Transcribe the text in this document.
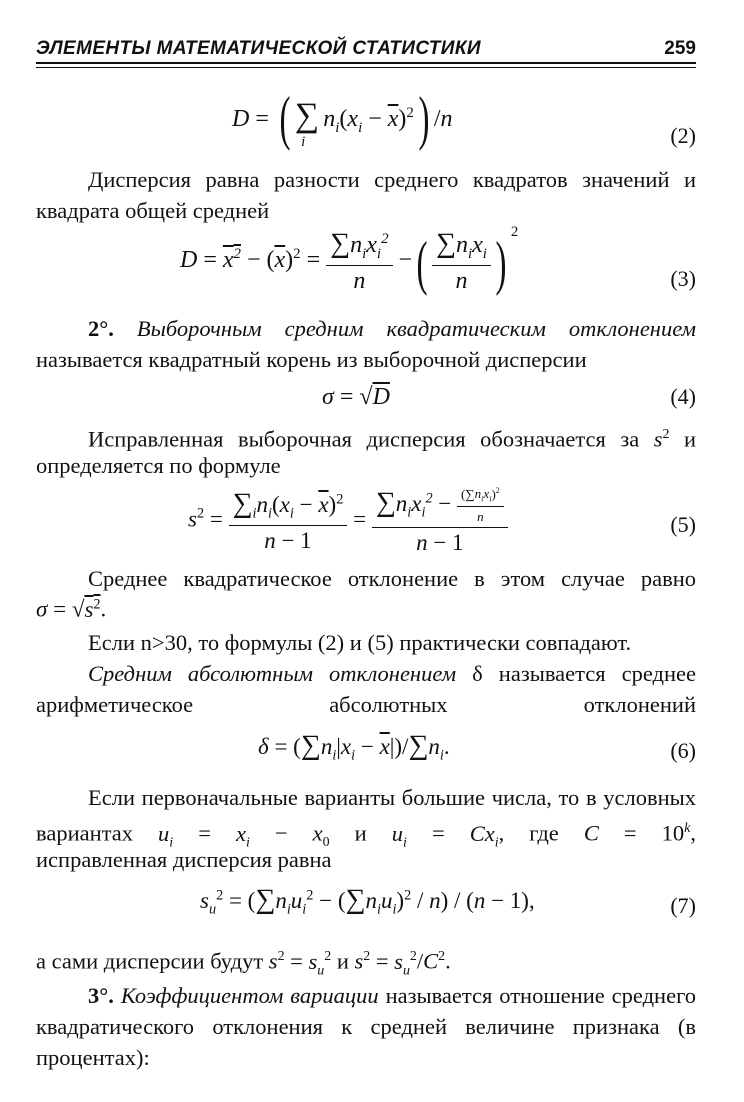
ЭЛЕМЕНТЫ МАТЕМАТИЧЕСКОЙ СТАТИСТИКИ	259
D = ( $\sum_in_i(x_i - \overline{x})^2$) /n
(2)
Дисперсия равна разности среднего квадратов значений и квадрата общей средней
$D = x^2 - (\overline{x})^2 = \frac{\sum n_ix_i^2}{n}$ −( $\frac{\sum n_ix_i}{n}$ ) $^2$
(3)
2°. Выборочным средним квадратическим отклонением
называется квадратный корень из выборочной дисперсии
σ = √D	(4)
Исправленная выборочная дисперсия обозначается за $s^2$ и
определяется по формуле
$s^2 = \frac{\sum_in_i(x_i - \overline{x})^2}{n - 1} = \frac{\sum n_ix_i^2 - \frac{(\sum n_ix_i)^2}{n}}{n - 1}$	(5)
Среднее квадратическое отклонение в этом случае равно
$\sigma = √s^2$.
Если n>30, то формулы (2) и (5) практически совпадают.
Средним абсолютным отклонением δ называется среднее арифметическое абсолютных отклонений
$\delta = (\sum n_i|x_i - \overline{x}|)/\sum n_i$.	(6)
Если первоначальные варианты большие числа, то в условных вариантах $u_i = x_i - x_0$ и $u_i = Cx_i$, где $C = 10^k$,
исправленная дисперсия равна
$s_u^2 = (\sum n_iu_i^2 - (\sum n_iu_i)^2 / n) / (n - 1)$,	(7)
а сами дисперсии будут $s^2 = s_u^2$ и $s^2 = s_u^2/C^2$.
3°. Коэффициентом вариации называется отношение среднего квадратического отклонения к средней величине признака (в процентах):
